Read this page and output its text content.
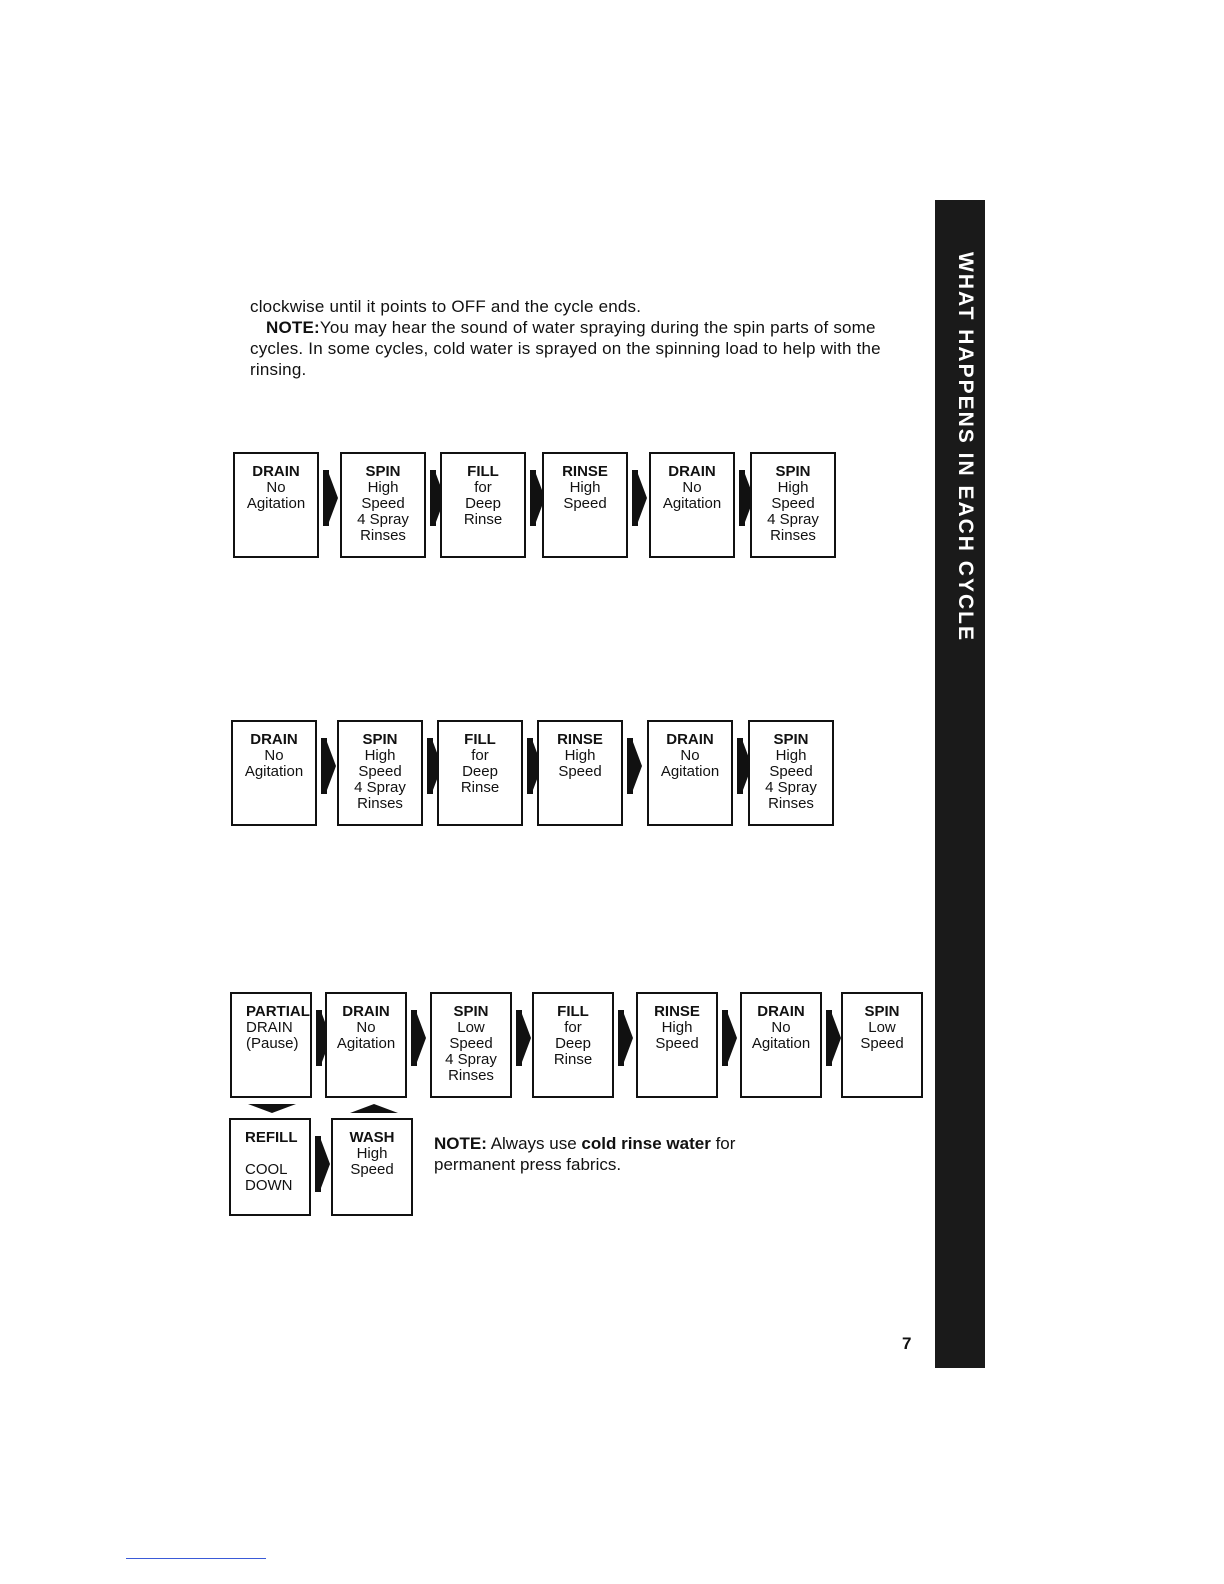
clockwise until it points to OFF and the cycle ends.

NOTE:You may hear the sound of water spraying during the spin parts of some cycles. In some cycles, cold water is sprayed on the spinning load to help with the rinsing.	WHAT HAPPENS IN EACH CYCLE
DRAIN
No
Agitation
SPIN
High
Speed
4 Spray
Rinses
FILL
for
Deep
Rinse
RINSE
High
Speed
DRAIN
No
Agitation
SPIN
High
Speed
4 Spray
Rinses
DRAIN
No
Agitation
SPIN
High
Speed
4 Spray
Rinses
FILL
for
Deep
Rinse
RINSE
High
Speed
DRAIN
No
Agitation
SPIN
High
Speed
4 Spray
Rinses
PARTIAL
DRAIN
(Pause)
DRAIN
No
Agitation
SPIN
Low
Speed
4 Spray
Rinses
FILL
for
Deep
Rinse
RINSE
High
Speed
DRAIN
No
Agitation
SPIN
Low
Speed
REFILL

COOL
DOWN
WASH
High
Speed
NOTE: Always use cold rinse water for permanent press fabrics.
7
